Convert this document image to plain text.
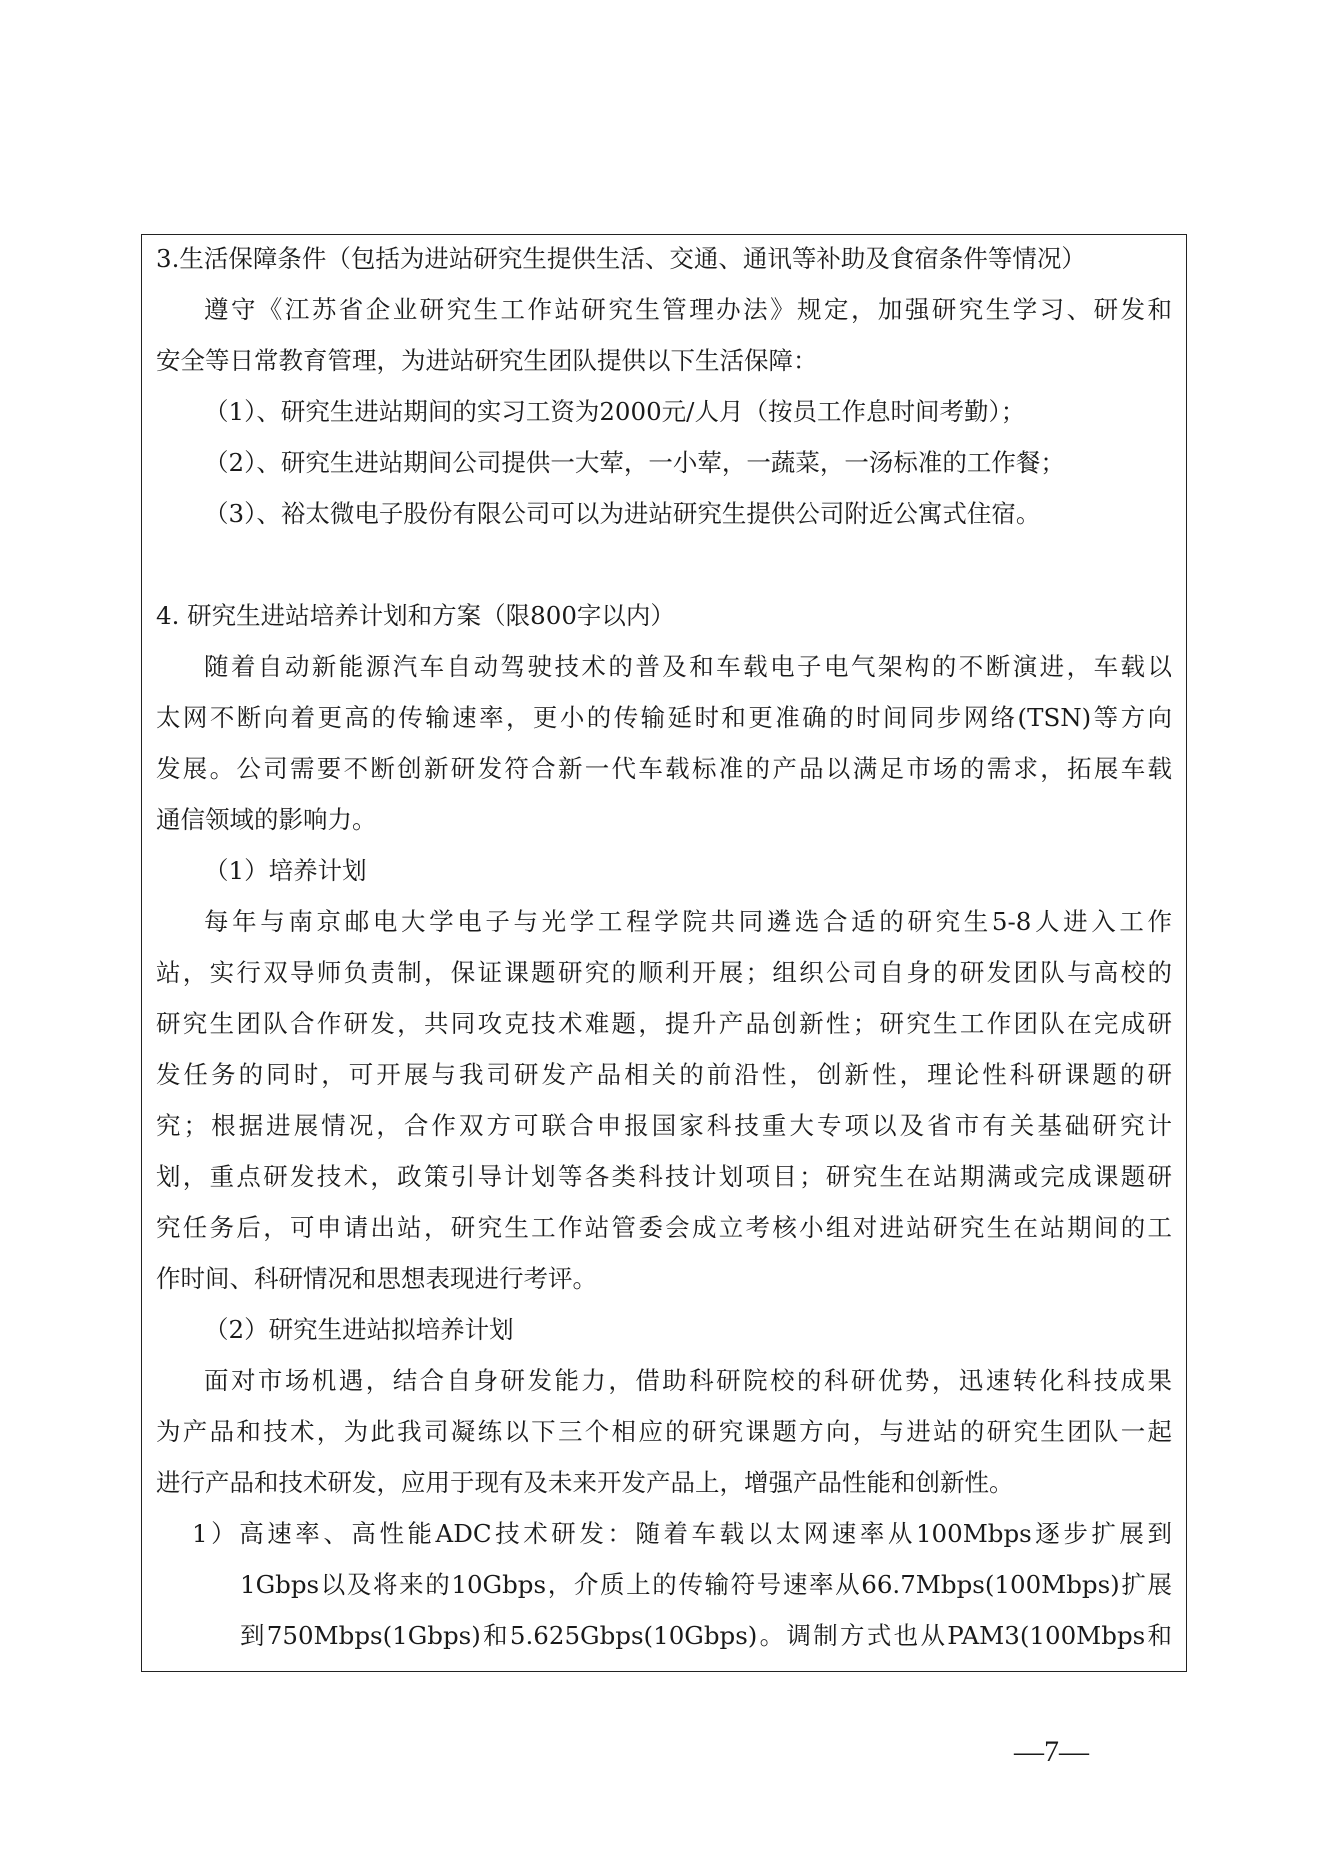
3.生活保障条件（包括为进站研究生提供生活、交通、通讯等补助及食宿条件等情况）
遵守《江苏省企业研究生工作站研究生管理办法》规定，加强研究生学习、研发和
安全等日常教育管理，为进站研究生团队提供以下生活保障：
（1）、研究生进站期间的实习工资为2000元/人月（按员工作息时间考勤）；
（2）、研究生进站期间公司提供一大荤，一小荤，一蔬菜，一汤标准的工作餐；
（3）、裕太微电子股份有限公司可以为进站研究生提供公司附近公寓式住宿。
4. 研究生进站培养计划和方案（限800字以内）
随着自动新能源汽车自动驾驶技术的普及和车载电子电气架构的不断演进，车载以
太网不断向着更高的传输速率，更小的传输延时和更准确的时间同步网络(TSN)等方向
发展。公司需要不断创新研发符合新一代车载标准的产品以满足市场的需求，拓展车载
通信领域的影响力。
（1）培养计划
每年与南京邮电大学电子与光学工程学院共同遴选合适的研究生5-8人进入工作
站，实行双导师负责制，保证课题研究的顺利开展；组织公司自身的研发团队与高校的
研究生团队合作研发，共同攻克技术难题，提升产品创新性；研究生工作团队在完成研
发任务的同时，可开展与我司研发产品相关的前沿性，创新性，理论性科研课题的研
究；根据进展情况，合作双方可联合申报国家科技重大专项以及省市有关基础研究计
划，重点研发技术，政策引导计划等各类科技计划项目；研究生在站期满或完成课题研
究任务后，可申请出站，研究生工作站管委会成立考核小组对进站研究生在站期间的工
作时间、科研情况和思想表现进行考评。
（2）研究生进站拟培养计划
面对市场机遇，结合自身研发能力，借助科研院校的科研优势，迅速转化科技成果
为产品和技术，为此我司凝练以下三个相应的研究课题方向，与进站的研究生团队一起
进行产品和技术研发，应用于现有及未来开发产品上，增强产品性能和创新性。
1）高速率、高性能ADC技术研发：随着车载以太网速率从100Mbps逐步扩展到
1Gbps以及将来的10Gbps，介质上的传输符号速率从66.7Mbps(100Mbps)扩展
到750Mbps(1Gbps)和5.625Gbps(10Gbps)。调制方式也从PAM3(100Mbps和
—7—
